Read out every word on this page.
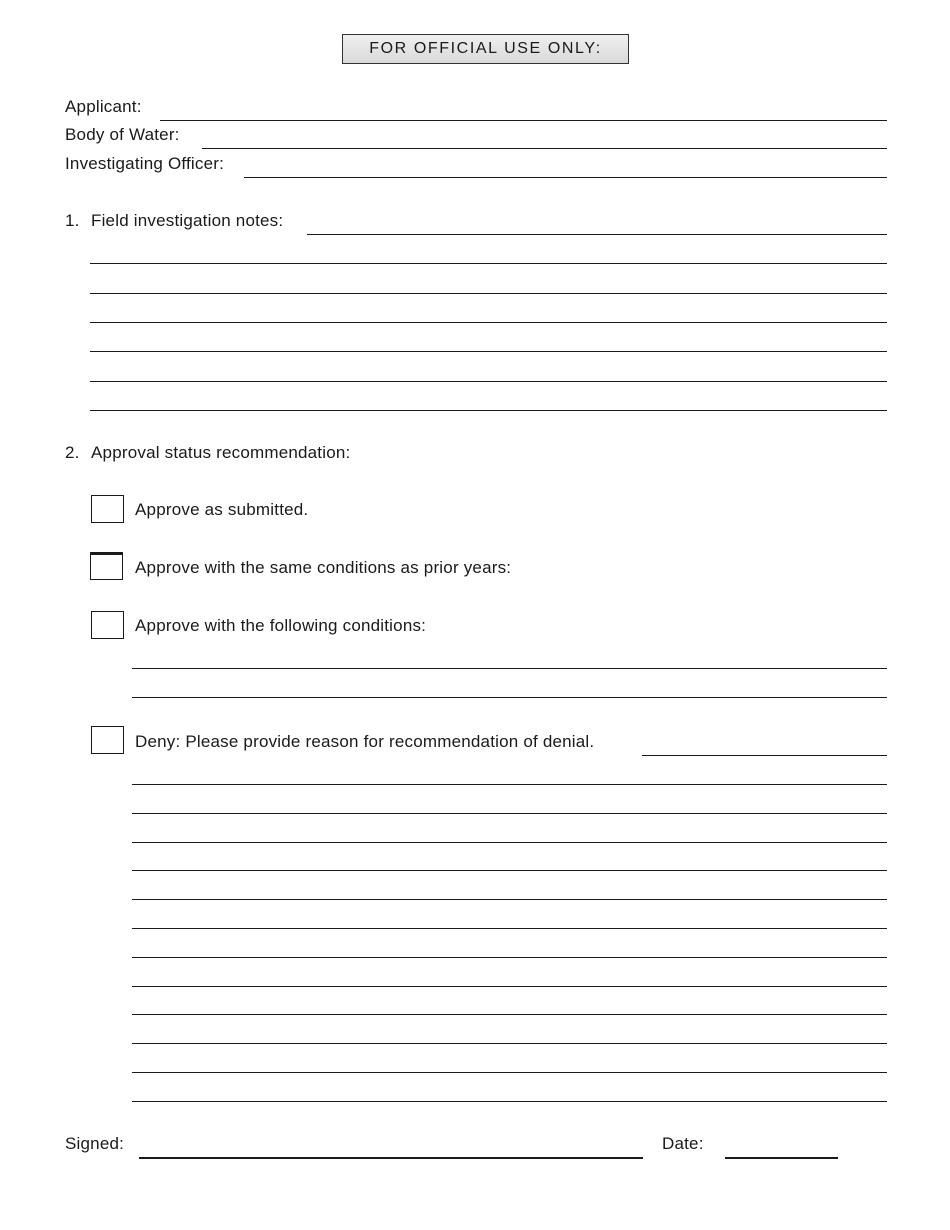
FOR OFFICIAL USE ONLY:
Applicant:
Body of Water:
Investigating Officer:
1. Field investigation notes:
2. Approval status recommendation:
Approve as submitted.
Approve with the same conditions as prior years:
Approve with the following conditions:
Deny: Please provide reason for recommendation of denial.
Signed:	Date:
